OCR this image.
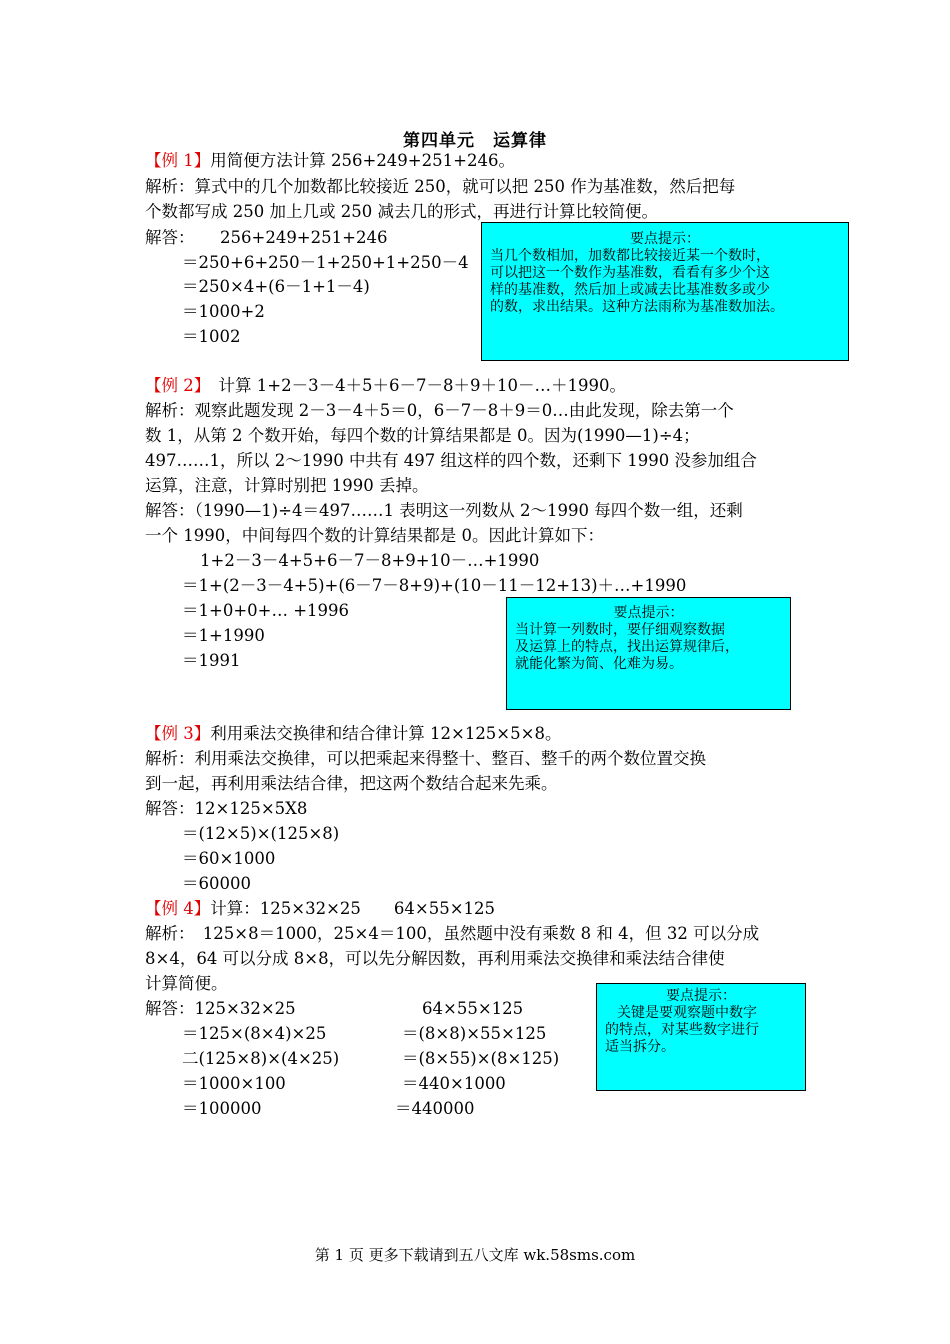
第四单元　运算律
【例 1】用简便方法计算 256+249+251+246。
解析：算式中的几个加数都比较接近 250，就可以把 250 作为基准数，然后把每
个数都写成 250 加上几或 250 减去几的形式，再进行计算比较简便。
解答： 256+249+251+246
＝250+6+250－1+250+1+250－4
＝250×4+(6－1+1－4)
＝1000+2
＝1002
要点提示：
当几个数相加，加数都比较接近某一个数时，
可以把这一个数作为基准数，看看有多少个这
样的基准数，然后加上或减去比基准数多或少
的数，求出结果。这种方法雨称为基准数加法。
【例 2】　计算 1+2－3－4＋5＋6－7－8＋9＋10－…＋1990。
解析：观察此题发现 2－3－4＋5＝0，6－7－8＋9＝0…由此发现，除去第一个
数 1，从第 2 个数开始，每四个数的计算结果都是 0。因为(1990—1)÷4；
497……1，所以 2～1990 中共有 497 组这样的四个数，还剩下 1990 没参加组合
运算，注意，计算时别把 1990 丢掉。
解答：（1990—1)÷4＝497……1 表明这一列数从 2～1990 每四个数一组，还剩
一个 1990，中间每四个数的计算结果都是 0。因此计算如下：
1+2－3－4+5+6－7－8+9+10－…+1990
＝1+(2－3－4+5)+(6－7－8+9)+(10－11－12+13)＋…+1990
＝1+0+0+… +1996
＝1+1990
＝1991
要点提示：
当计算一列数时，要仔细观察数据
及运算上的特点，找出运算规律后，
就能化繁为简、化难为易。
【例 3】利用乘法交换律和结合律计算 12×125×5×8。
解析：利用乘法交换律，可以把乘起来得整十、整百、整千的两个数位置交换
到一起，再利用乘法结合律，把这两个数结合起来先乘。
解答：12×125×5X8
＝(12×5)×(125×8)
＝60×1000
＝60000
【例 4】计算：125×32×25　　64×55×125
解析：　125×8＝1000，25×4＝100，虽然题中没有乘数 8 和 4，但 32 可以分成
8×4，64 可以分成 8×8，可以先分解因数，再利用乘法交换律和乘法结合律使
计算简便。
解答：125×32×25
＝125×(8×4)×25
二(125×8)×(4×25)
＝1000×100
＝100000
64×55×125
＝(8×8)×55×125
＝(8×55)×(8×125)
＝440×1000
＝440000
要点提示：
关键是要观察题中数字
的特点，对某些数字进行
适当拆分。
第 1 页 更多下载请到五八文库 wk.58sms.com
